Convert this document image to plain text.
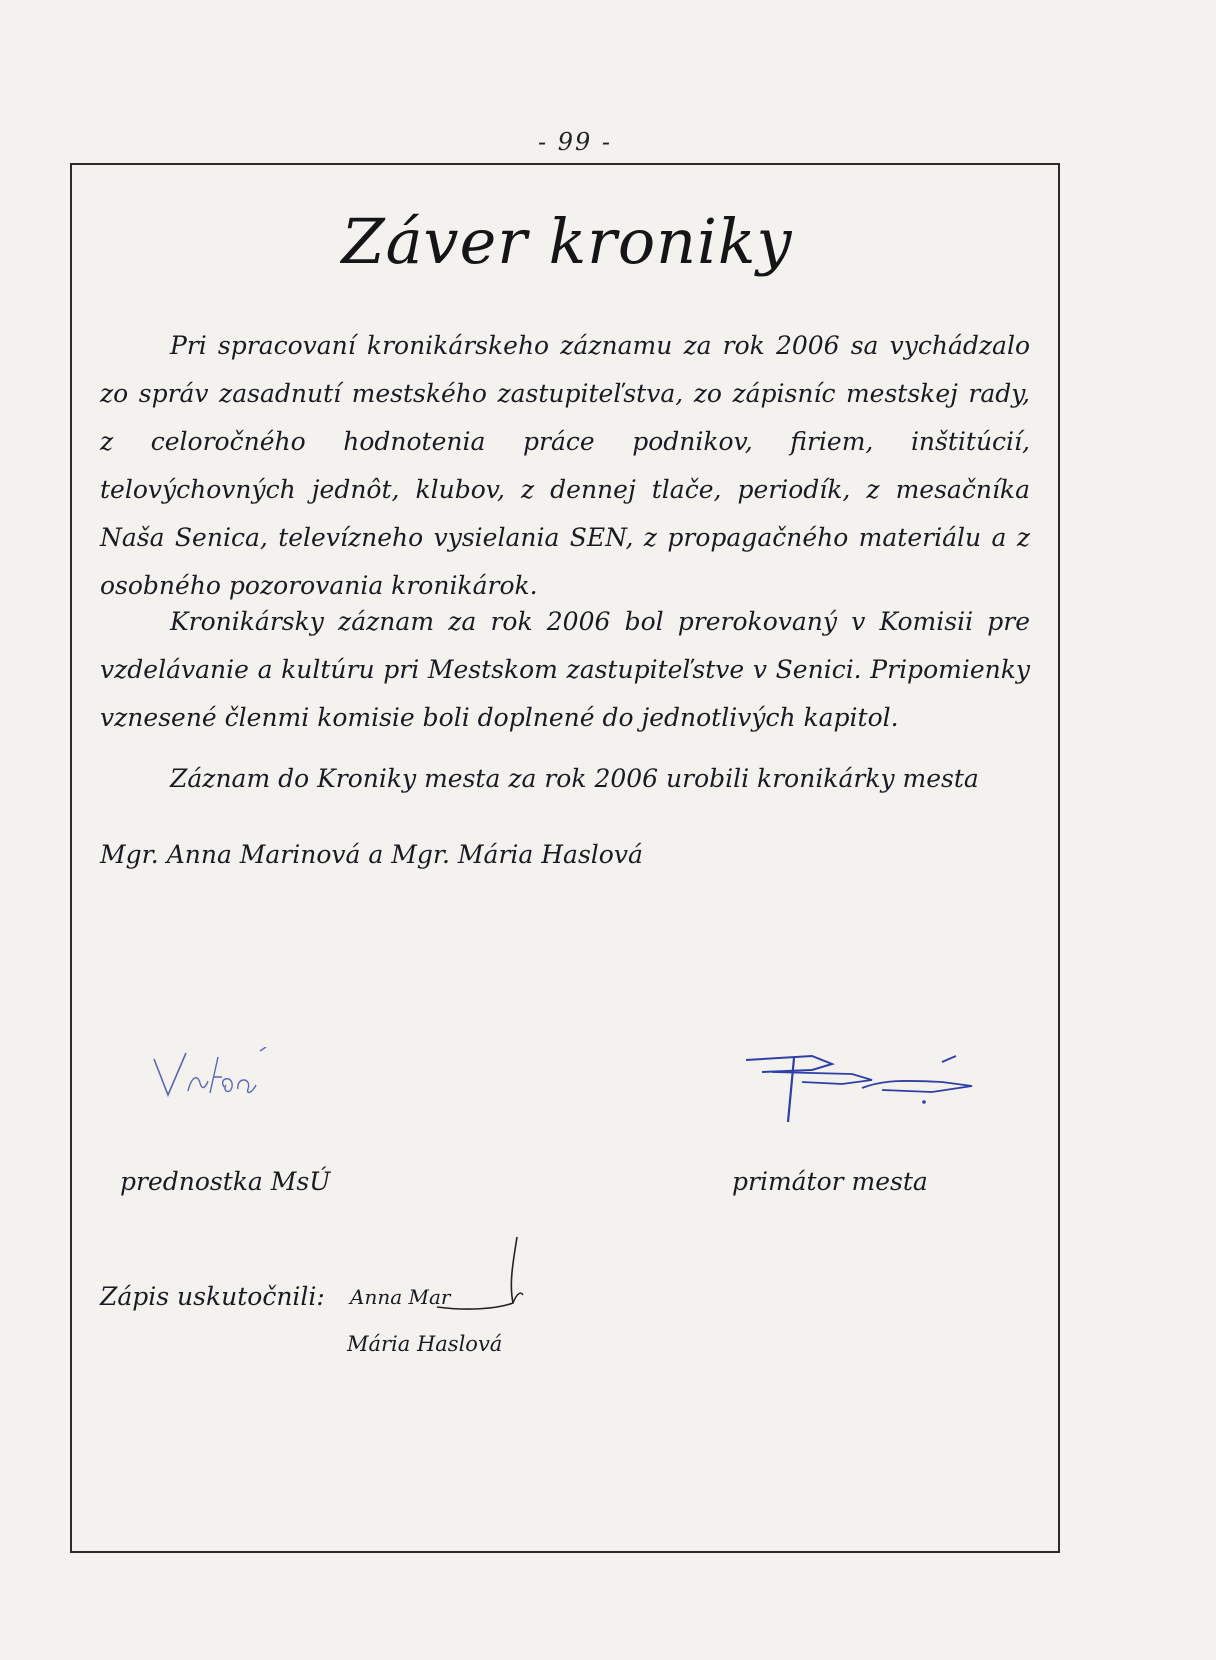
- 99 -
Záver kroniky

Pri spracovaní kronikárskeho záznamu za rok 2006 sa vychádzalo zo správ zasadnutí mestského zastupiteľstva, zo zápisníc mestskej rady, z celoročného hodnotenia práce podnikov, firiem, inštitúcií, telovýchovných jednôt, klubov, z dennej tlače, periodík, z mesačníka Naša Senica, televízneho vysielania SEN, z propagačného materiálu a z osobného pozorovania kronikárok.

Kronikársky záznam za rok 2006 bol prerokovaný v Komisii pre vzdelávanie a kultúru pri Mestskom zastupiteľstve v Senici. Pripomienky vznesené členmi komisie boli doplnené do jednotlivých kapitol.

Záznam do Kroniky mesta za rok 2006 urobili kronikárky mesta

Mgr. Anna Marinová a Mgr. Mária Haslová

prednostka MsÚ	primátor mesta

Zápis uskutočnili: Anna Mar

Mária Haslová
